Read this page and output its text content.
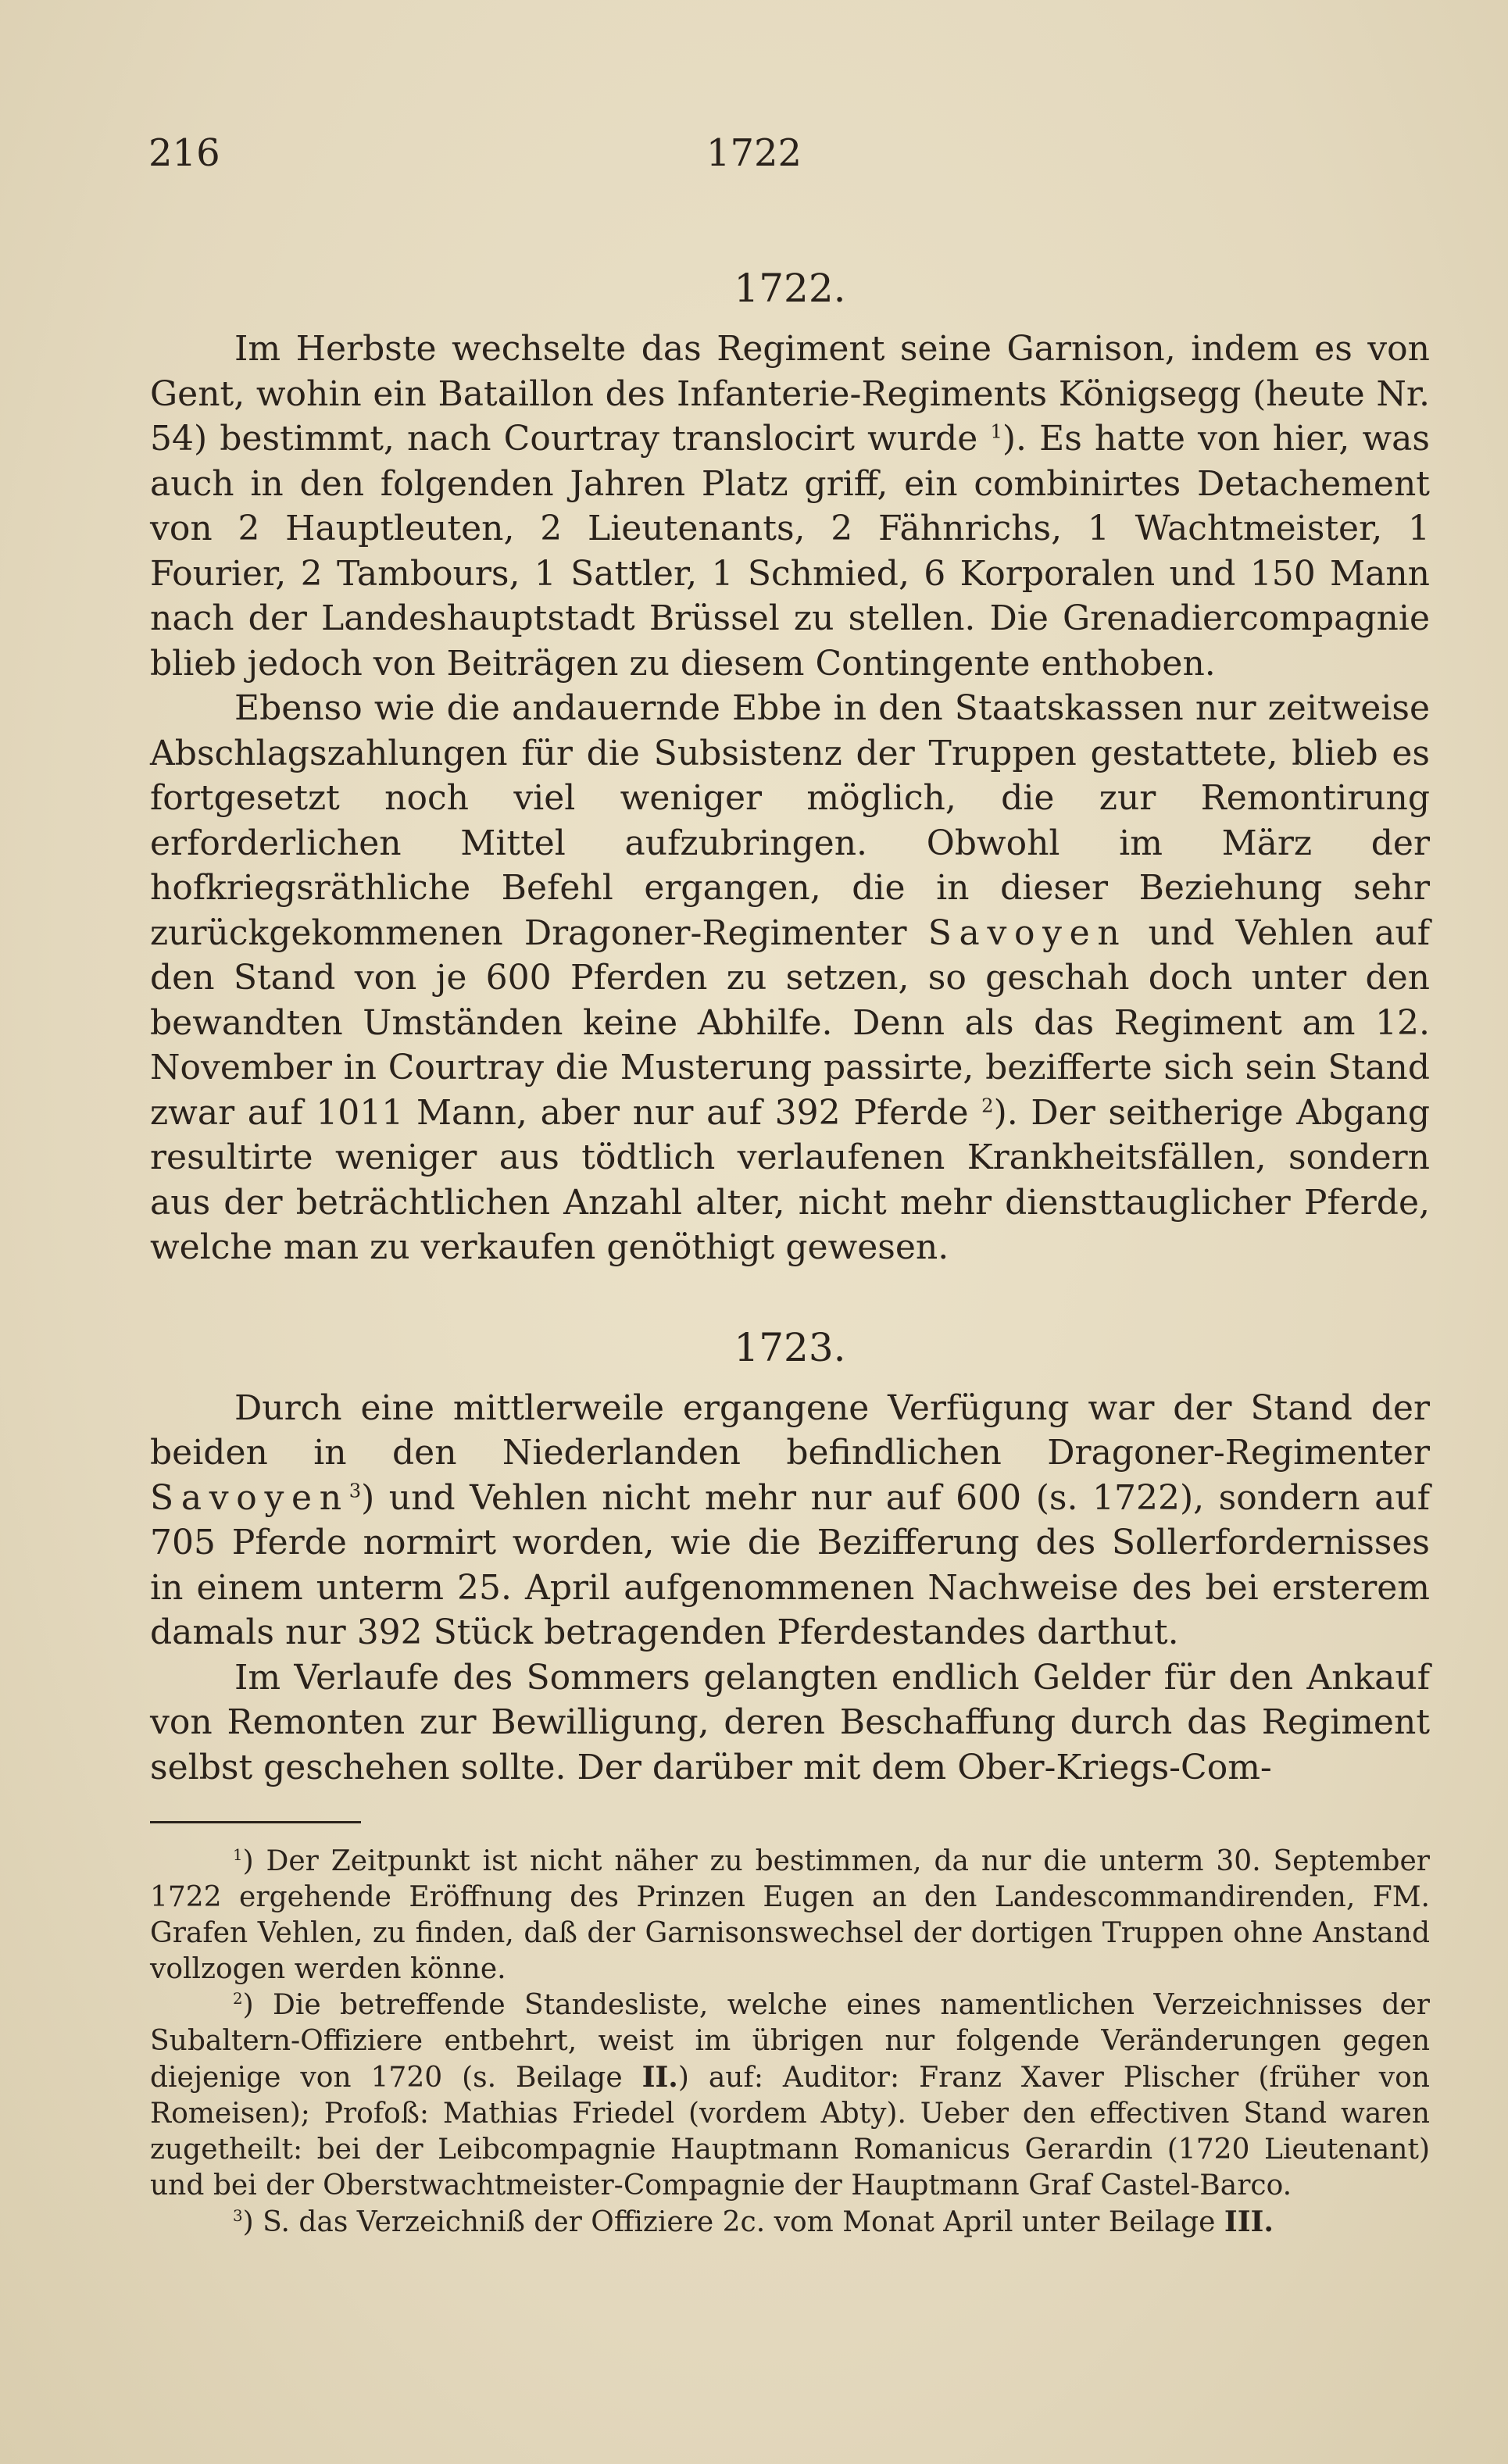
216	1722
1722.

Im Herbste wechselte das Regiment seine Garnison, indem es von Gent, wohin ein Bataillon des Infanterie-Regiments Königsegg (heute Nr. 54) bestimmt, nach Courtray translocirt wurde $^1$). Es hatte von hier, was auch in den folgenden Jahren Platz griff, ein combinirtes Detachement von 2 Hauptleuten, 2 Lieutenants, 2 Fähnrichs, 1 Wachtmeister, 1 Fourier, 2 Tambours, 1 Sattler, 1 Schmied, 6 Korporalen und 150 Mann nach der Landeshauptstadt Brüssel zu stellen. Die Grenadiercompagnie blieb jedoch von Beiträgen zu diesem Contingente enthoben.

Ebenso wie die andauernde Ebbe in den Staatskassen nur zeitweise Abschlagszahlungen für die Subsistenz der Truppen gestattete, blieb es fortgesetzt noch viel weniger möglich, die zur Remontirung erforderlichen Mittel aufzubringen. Obwohl im März der hofkriegsräthliche Befehl ergangen, die in dieser Beziehung sehr zurückgekommenen Dragoner-Regimenter Savoyen und Vehlen auf den Stand von je 600 Pferden zu setzen, so geschah doch unter den bewandten Umständen keine Abhilfe. Denn als das Regiment am 12. November in Courtray die Musterung passirte, bezifferte sich sein Stand zwar auf 1011 Mann, aber nur auf 392 Pferde $^2$). Der seitherige Abgang resultirte weniger aus tödtlich verlaufenen Krankheitsfällen, sondern aus der beträchtlichen Anzahl alter, nicht mehr diensttauglicher Pferde, welche man zu verkaufen genöthigt gewesen.

1723.

Durch eine mittlerweile ergangene Verfügung war der Stand der beiden in den Niederlanden befindlichen Dragoner-Regimenter Savoyen$^3$) und Vehlen nicht mehr nur auf 600 (s. 1722), sondern auf 705 Pferde normirt worden, wie die Bezifferung des Sollerfordernisses in einem unterm 25. April aufgenommenen Nachweise des bei ersterem damals nur 392 Stück betragenden Pferdestandes darthut.

Im Verlaufe des Sommers gelangten endlich Gelder für den Ankauf von Remonten zur Bewilligung, deren Beschaffung durch das Regiment selbst geschehen sollte. Der darüber mit dem Ober-Kriegs-Com-

$^1$) Der Zeitpunkt ist nicht näher zu bestimmen, da nur die unterm 30. September 1722 ergehende Eröffnung des Prinzen Eugen an den Landescommandirenden, FM. Grafen Vehlen, zu finden, daß der Garnisonswechsel der dortigen Truppen ohne Anstand vollzogen werden könne.

$^2$) Die betreffende Standesliste, welche eines namentlichen Verzeichnisses der Subaltern-Offiziere entbehrt, weist im übrigen nur folgende Veränderungen gegen diejenige von 1720 (s. Beilage II.) auf: Auditor: Franz Xaver Plischer (früher von Romeisen); Profoß: Mathias Friedel (vordem Abty). Ueber den effectiven Stand waren zugetheilt: bei der Leibcompagnie Hauptmann Romanicus Gerardin (1720 Lieutenant) und bei der Oberstwachtmeister-Compagnie der Hauptmann Graf Castel-Barco.

$^3$) S. das Verzeichniß der Offiziere 2c. vom Monat April unter Beilage III.
